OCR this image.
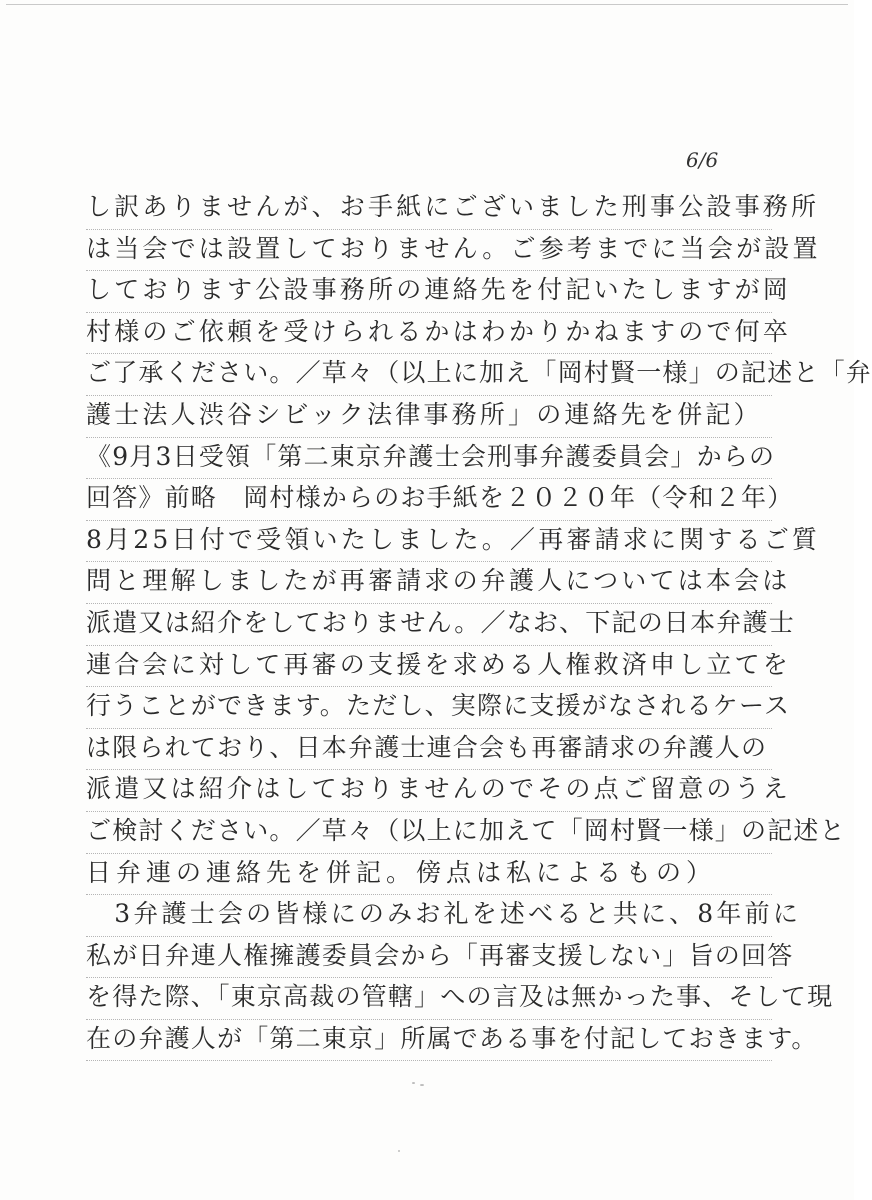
6/6
し訳ありませんが、お手紙にございました刑事公設事務所
は当会では設置しておりません。ご参考までに当会が設置
しております公設事務所の連絡先を付記いたしますが岡
村様のご依頼を受けられるかはわかりかねますので何卒
ご了承ください。／草々（以上に加え「岡村賢一様」の記述と「弁
護士法人渋谷シビック法律事務所」の連絡先を併記）
《9月3日受領「第二東京弁護士会刑事弁護委員会」からの
回答》前略　岡村様からのお手紙を２０２０年（令和２年）
8月25日付で受領いたしました。／再審請求に関するご質
問と理解しましたが再審請求の弁護人については本会は
派遣又は紹介をしておりません。／なお、下記の日本弁護士
連合会に対して再審の支援を求める人権救済申し立てを
行うことができます。ただし、実際に支援がなされるケース
は限られており、日本弁護士連合会も再審請求の弁護人の
派遣又は紹介はしておりませんのでその点ご留意のうえ
ご検討ください。／草々（以上に加えて「岡村賢一様」の記述と
日弁連の連絡先を併記。傍点は私によるもの）
　3弁護士会の皆様にのみお礼を述べると共に、8年前に
私が日弁連人権擁護委員会から「再審支援しない」旨の回答
を得た際、「東京高裁の管轄」への言及は無かった事、そして現
在の弁護人が「第二東京」所属である事を付記しておきます。
